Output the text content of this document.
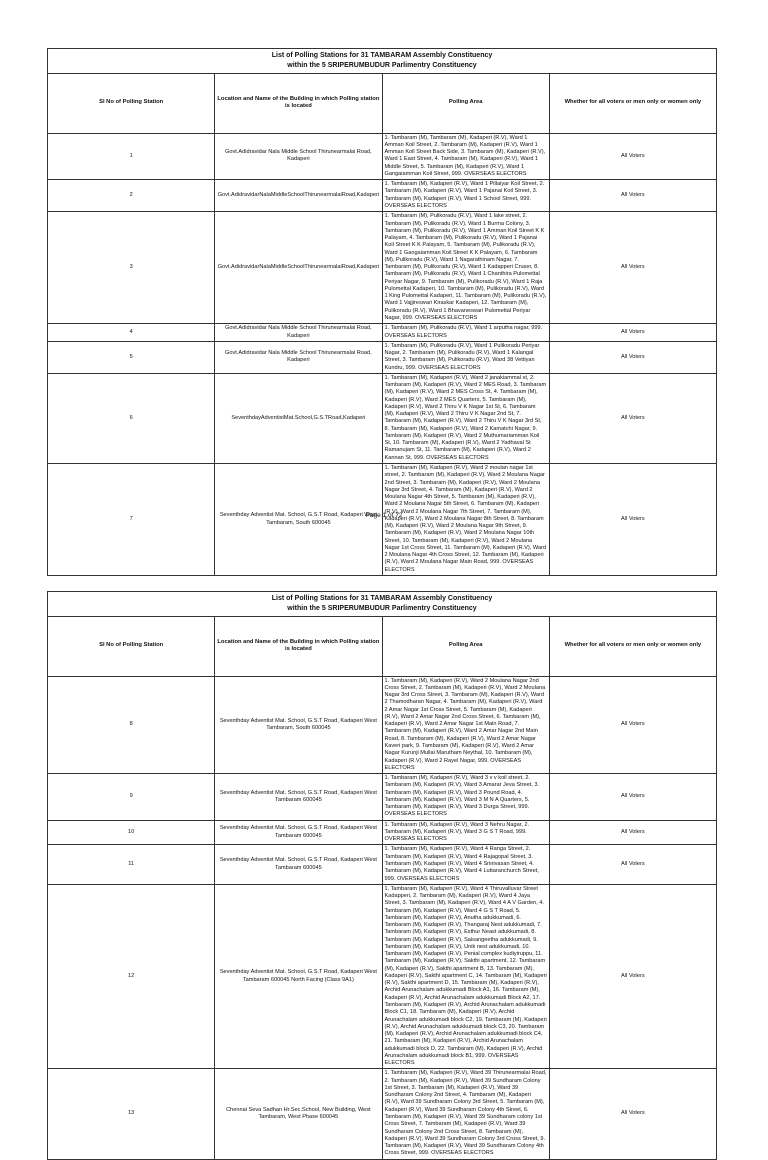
List of Polling Stations for 31 TAMBARAM Assembly Constituency
within the 5 SRIPERUMBUDUR Parlimentry Constituency			

Sl No of Polling Station	Location and Name of the Building in which Polling station is located	Polling Area	Whether for all voters or men only or women only
1	Govt.Adidravidar Nala Middle School Thirunearmalai Road, Kadaperi	1. Tambaram (M), Tambaram (M), Kadaperi (R.V), Ward 1 Amman Koil Street, 2. Tambaram (M), Kadaperi (R.V), Ward 1 Amman Koil Street Back Side, 3. Tambaram (M), Kadaperi (R.V), Ward 1 East Street, 4. Tambaram (M), Kadaperi (R.V), Ward 1 Middle Street, 5. Tambaram (M), Kadaperi (R.V), Ward 1 Gangaiamman Koil Street, 999. OVERSEAS ELECTORS	All Voters
2	Govt.AdidravidarNalaMiddleSchoolThirunearmalaiRoad,Kadaperi	1. Tambaram (M), Kadaperi (R.V), Ward 1 Pillaiyar Koil Street, 2. Tambaram (M), Kadaperi (R.V), Ward 1 Pajanai Koil Street, 3. Tambaram (M), Kadaperi (R.V), Ward 1 School Street, 999. OVERSEAS ELECTORS	All Voters
3	Govt.AdidravidarNalaMiddleSchoolThirunearmalaiRoad,Kadaperi	1. Tambaram (M), Pulikoradu (R.V), Ward 1 lake street, 2. Tambaram (M), Pulikoradu (R.V), Ward 1 Burma Colony, 3. Tambaram (M), Pulikoradu (R.V), Ward 1 Amman Koil Street K K Palayam, 4. Tambaram (M), Pulikoradu (R.V), Ward 1 Pajanai Koil Street K K Palayam, 5. Tambaram (M), Pulikoradu (R.V), Ward 1 Gangaiamman Koil Street K K Palayam, 6. Tambaram (M), Pulikoradu (R.V), Ward 1 Nagarathinam Nagar, 7. Tambaram (M), Pulikoradu (R.V), Ward 1 Kadapperi Cruser, 8. Tambaram (M), Pulikoradu (R.V), Ward 1 Chanthira Pulomettal Periyar Nagar, 9. Tambaram (M), Pulikoradu (R.V), Ward 1 Raja Pulomettal Kadaperi, 10. Tambaram (M), Pulikoradu (R.V), Ward 1 King Pulomettal Kadaperi, 11. Tambaram (M), Pulikoradu (R.V), Ward 1 Vajjireswari Kiraskar Kadaperi, 12. Tambaram (M), Pulikoradu (R.V), Ward 1 Bhavaneswari Pulomettal Periyar Nagar, 999. OVERSEAS ELECTORS	All Voters
4	Govt.Adidravidar Nala Middle School Thirunearmalai Road, Kadaperi	1. Tambaram (M), Pulikoradu (R.V), Ward 1 arputha nagar, 999. OVERSEAS ELECTORS	All Voters
5	Govt.Adidravidar Nala Middle School Thirunearmalai Road, Kadaperi	1. Tambaram (M), Pulikoradu (R.V), Ward 1 Pulikoradu Periyar Nagar, 2. Tambaram (M), Pulikoradu (R.V), Ward 1 Kalangal Street, 3. Tambaram (M), Pulikoradu (R.V), Ward 38 Vettiyan Kundru, 999. OVERSEAS ELECTORS	All Voters
6	SeventhdayAdventistMat.School,G.S.TRoad,Kadaperi	1. Tambaram (M), Kadaperi (R.V), Ward 2 janakiammal st, 2. Tambaram (M), Kadaperi (R.V), Ward 2 MES Road, 3. Tambaram (M), Kadaperi (R.V), Ward 2 MES Cross St, 4. Tambaram (M), Kadaperi (R.V), Ward 2 MES Quarters, 5. Tambaram (M), Kadaperi (R.V), Ward 2 Thiru V K Nagar 1st St, 6. Tambaram (M), Kadaperi (R.V), Ward 2 Thiru V K Nagar 2nd St, 7. Tambaram (M), Kadaperi (R.V), Ward 2 Thiru V K Nagar 3rd St, 8. Tambaram (M), Kadaperi (R.V), Ward 2 Kamatchi Nagar, 9. Tambaram (M), Kadaperi (R.V), Ward 2 Muthumariamman Koil St, 10. Tambaram (M), Kadaperi (R.V), Ward 2 Yadhaval St Ramanujam St, 11. Tambaram (M), Kadaperi (R.V), Ward 2 Kannan St, 999. OVERSEAS ELECTORS	All Voters
7	Seventhday Adventist Mat. School, G.S.T Road, Kadaperi West Tambaram, South 600045	1. Tambaram (M), Kadaperi (R.V), Ward 2 moulan nagar 1st street, 2. Tambaram (M), Kadaperi (R.V), Ward 2 Moulana Nagar 2nd Street, 3. Tambaram (M), Kadaperi (R.V), Ward 2 Moulana Nagar 3rd Street, 4. Tambaram (M), Kadaperi (R.V), Ward 2 Moulana Nagar 4th Street, 5. Tambaram (M), Kadaperi (R.V), Ward 2 Moulana Nagar 5th Street, 6. Tambaram (M), Kadaperi (R.V), Ward 2 Moulana Nagar 7th Street, 7. Tambaram (M), Kadaperi (R.V), Ward 2 Moulana Nagar 8th Street, 8. Tambaram (M), Kadaperi (R.V), Ward 2 Moulana Nagar 9th Street, 9. Tambaram (M), Kadaperi (R.V), Ward 2 Moulana Nagar 10th Street, 10. Tambaram (M), Kadaperi (R.V), Ward 2 Moulana Nagar 1st Cross Street, 11. Tambaram (M), Kadaperi (R.V), Ward 2 Moulana Nagar 4th Cross Street, 12. Tambaram (M), Kadaperi (R.V), Ward 2 Moulana Nagar Main Road, 999. OVERSEAS ELECTORS	All Voters
Page 1 of 72
List of Polling Stations for 31 TAMBARAM Assembly Constituency
within the 5 SRIPERUMBUDUR Parlimentry Constituency			

Sl No of Polling Station	Location and Name of the Building in which Polling station is located	Polling Area	Whether for all voters or men only or women only
8	Seventhday Adventist Mat. School, G.S.T Road, Kadaperi West Tambaram, South 600045	1. Tambaram (M), Kadaperi (R.V), Ward 2 Moulana Nagar 2nd Cross Street, 2. Tambaram (M), Kadaperi (R.V), Ward 2 Moulana Nagar 3rd Cross Street, 3. Tambaram (M), Kadaperi (R.V), Ward 2 Thamodharan Nagar, 4. Tambaram (M), Kadaperi (R.V), Ward 2 Amar Nagar 1st Cross Street, 5. Tambaram (M), Kadaperi (R.V), Ward 2 Amar Nagar 2nd Cross Street, 6. Tambaram (M), Kadaperi (R.V), Ward 2 Amar Nagar 1st Main Road, 7. Tambaram (M), Kadaperi (R.V), Ward 2 Amar Nagar 2nd Main Road, 8. Tambaram (M), Kadaperi (R.V), Ward 2 Amar Nagar Kaveri park, 9. Tambaram (M), Kadaperi (R.V), Ward 2 Amar Nagar Kurunji Mullai Marutham Neythal, 10. Tambaram (M), Kadaperi (R.V), Ward 2 Rayel Nagar, 999. OVERSEAS ELECTORS	All Voters
9	Seventhday Adventist Mat. School, G.S.T Road, Kadaperi West Tambaram 600045	1. Tambaram (M), Kadaperi (R.V), Ward 3 v v koil street, 2. Tambaram (M), Kadaperi (R.V), Ward 3 Amarar Jeva Street, 3. Tambaram (M), Kadaperi (R.V), Ward 3 Pound Road, 4. Tambaram (M), Kadaperi (R.V), Ward 3 M N A Quarters, 5. Tambaram (M), Kadaperi (R.V), Ward 3 Durga Street, 999. OVERSEAS ELECTORS	All Voters
10	Seventhday Adventist Mat. School, G.S.T Road, Kadaperi West Tambaram 600045	1. Tambaram (M), Kadaperi (R.V), Ward 3 Nehru Nagar, 2. Tambaram (M), Kadaperi (R.V), Ward 3 G S T Road, 999. OVERSEAS ELECTORS	All Voters
11	Seventhday Adventist Mat. School, G.S.T Road, Kadaperi West Tambaram 600045	1. Tambaram (M), Kadaperi (R.V), Ward 4 Ranga Street, 2. Tambaram (M), Kadaperi (R.V), Ward 4 Rajagopal Street, 3. Tambaram (M), Kadaperi (R.V), Ward 4 Srinivasan Street, 4. Tambaram (M), Kadaperi (R.V), Ward 4 Luttaranchurch Street, 999. OVERSEAS ELECTORS	All Voters
12	Seventhday Adventist Mat. School, G.S.T Road, Kadaperi West Tambaram 600045 North Facing (Class 9A1)	1. Tambaram (M), Kadaperi (R.V), Ward 4 Thiruvalluvar Street Kadapperi, 2. Tambaram (M), Kadaperi (R.V), Ward 4 Jaya Street, 3. Tambaram (M), Kadaperi (R.V), Ward 4 A V Garden, 4. Tambaram (M), Kadaperi (R.V), Ward 4 G S T Road, 5. Tambaram (M), Kadaperi (R.V), Anutha adukkumadi, 6. Tambaram (M), Kadaperi (R.V), Thangaraj Nest adukkumadi, 7. Tambaram (M), Kadaperi (R.V), Esthur Neast adukkumadi, 8. Tambaram (M), Kadaperi (R.V), Saisangeetha adukkumadi, 9. Tambaram (M), Kadaperi (R.V), Unik nest adukkumadi, 10. Tambaram (M), Kadaperi (R.V), Penial complex kudiyiruppu, 11. Tambaram (M), Kadaperi (R.V), Sakthi apartment, 12. Tambaram (M), Kadaperi (R.V), Sakthi apartment B, 13. Tambaram (M), Kadaperi (R.V), Sakthi apartment C, 14. Tambaram (M), Kadaperi (R.V), Sakthi apartment D, 15. Tambaram (M), Kadaperi (R.V), Archid Arunachalam adukkumadi Block A1, 16. Tambaram (M), Kadaperi (R.V), Archid Arunachalam adukkumadi Block A2, 17. Tambaram (M), Kadaperi (R.V), Archid Arunachalam adukkumadi Block C1, 18. Tambaram (M), Kadaperi (R.V), Archid Arunachalam adukkumadi block C2, 19. Tambaram (M), Kadaperi (R.V), Archid Arunachalam adukkumadi block C3, 20. Tambaram (M), Kadaperi (R.V), Archid Arunachalam adukkumadi block C4, 21. Tambaram (M), Kadaperi (R.V), Archid Arunachalam adukkumadi block D, 22. Tambaram (M), Kadaperi (R.V), Archid Arunachalam adukkumadi block B1, 999. OVERSEAS ELECTORS	All Voters
13	Chennai Seva Sadhan Hr.Sec.School, New Building, West Tambaram, West Phase 600045	1. Tambaram (M), Kadaperi (R.V), Ward 39 Thirunearmalai Road, 2. Tambaram (M), Kadaperi (R.V), Ward 39 Sundharam Colony 1st Street, 3. Tambaram (M), Kadaperi (R.V), Ward 39 Sundharam Colony 2nd Street, 4. Tambaram (M), Kadaperi (R.V), Ward 39 Sundharam Colony 3rd Street, 5. Tambaram (M), Kadaperi (R.V), Ward 39 Sundharam Colony 4th Street, 6. Tambaram (M), Kadaperi (R.V), Ward 39 Sundharam colony 1st Cross Street, 7. Tambaram (M), Kadaperi (R.V), Ward 39 Sundharam Colony 2nd Cross Street, 8. Tambaram (M), Kadaperi (R.V), Ward 39 Sundharam Colony 3rd Cross Street, 9. Tambaram (M), Kadaperi (R.V), Ward 39 Sundharam Colony 4th Cross Street, 999. OVERSEAS ELECTORS	All Voters
